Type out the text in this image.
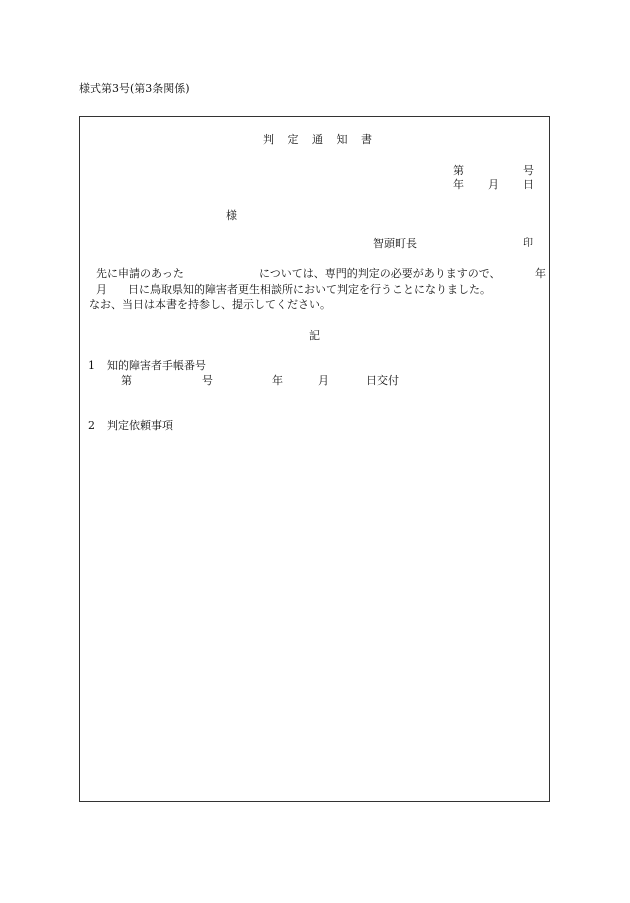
様式第3号(第3条関係)
判 定 通 知 書
第	号
年 月 日
様
智頭町長	印
先に申請のあった	については、専門的判定の必要がありますので、	年
月 日に鳥取県知的障害者更生相談所において判定を行うことになりました。
なお、当日は本書を持参し、提示してください。
記
1 知的障害者手帳番号
第	号	年	月	日交付
2 判定依頼事項
